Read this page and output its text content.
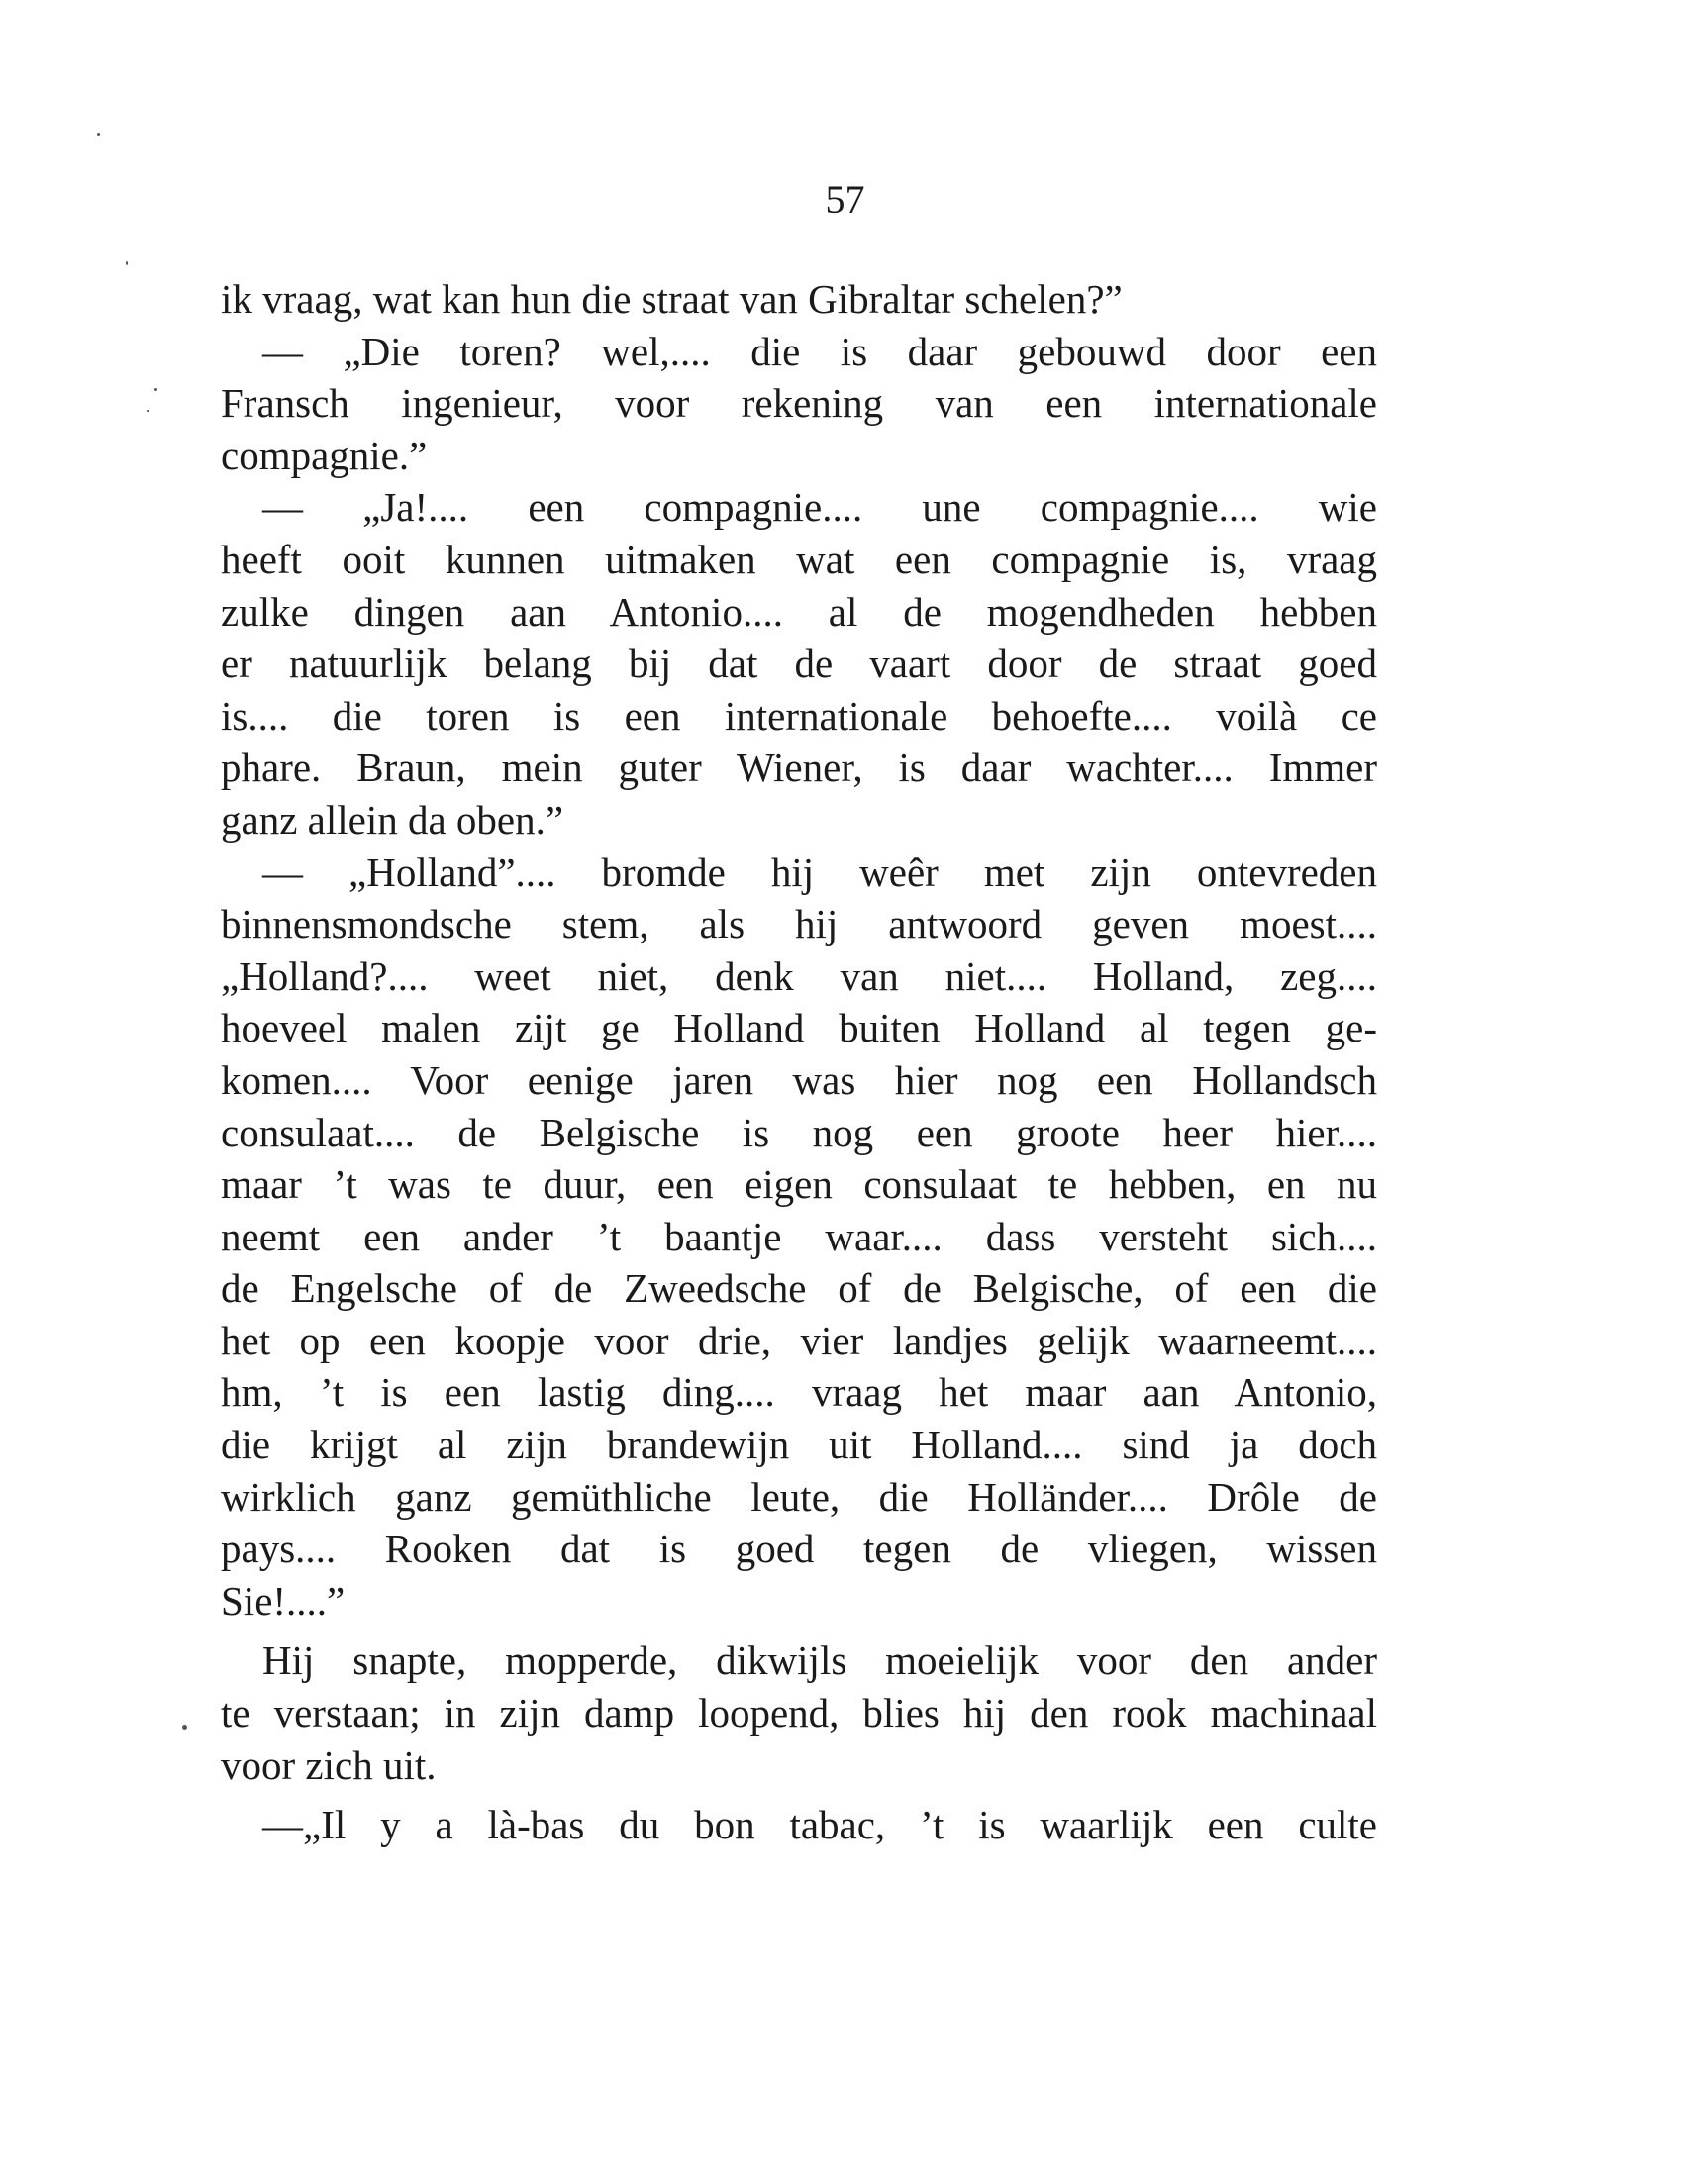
57
ik vraag, wat kan hun die straat van Gibraltar schelen?”
— „Die toren? wel,.... die is daar gebouwd door een
Fransch ingenieur, voor rekening van een internationale
compagnie.”
— „Ja!.... een compagnie.... une compagnie.... wie
heeft ooit kunnen uitmaken wat een compagnie is, vraag
zulke dingen aan Antonio.... al de mogendheden hebben
er natuurlijk belang bij dat de vaart door de straat goed
is.... die toren is een internationale behoefte.... voilà ce
phare. Braun, mein guter Wiener, is daar wachter.... Immer
ganz allein da oben.”
— „Holland”.... bromde hij weêr met zijn ontevreden
binnensmondsche stem, als hij antwoord geven moest....
„Holland?.... weet niet, denk van niet.... Holland, zeg....
hoeveel malen zijt ge Holland buiten Holland al tegen ge-
komen.... Voor eenige jaren was hier nog een Hollandsch
consulaat.... de Belgische is nog een groote heer hier....
maar ’t was te duur, een eigen consulaat te hebben, en nu
neemt een ander ’t baantje waar.... dass versteht sich....
de Engelsche of de Zweedsche of de Belgische, of een die
het op een koopje voor drie, vier landjes gelijk waarneemt....
hm, ’t is een lastig ding.... vraag het maar aan Antonio,
die krijgt al zijn brandewijn uit Holland.... sind ja doch
wirklich ganz gemüthliche leute, die Holländer.... Drôle de
pays.... Rooken dat is goed tegen de vliegen, wissen
Sie!....”
Hij snapte, mopperde, dikwijls moeielijk voor den ander
te verstaan; in zijn damp loopend, blies hij den rook machinaal
voor zich uit.
—„Il y a là-bas du bon tabac, ’t is waarlijk een culte
